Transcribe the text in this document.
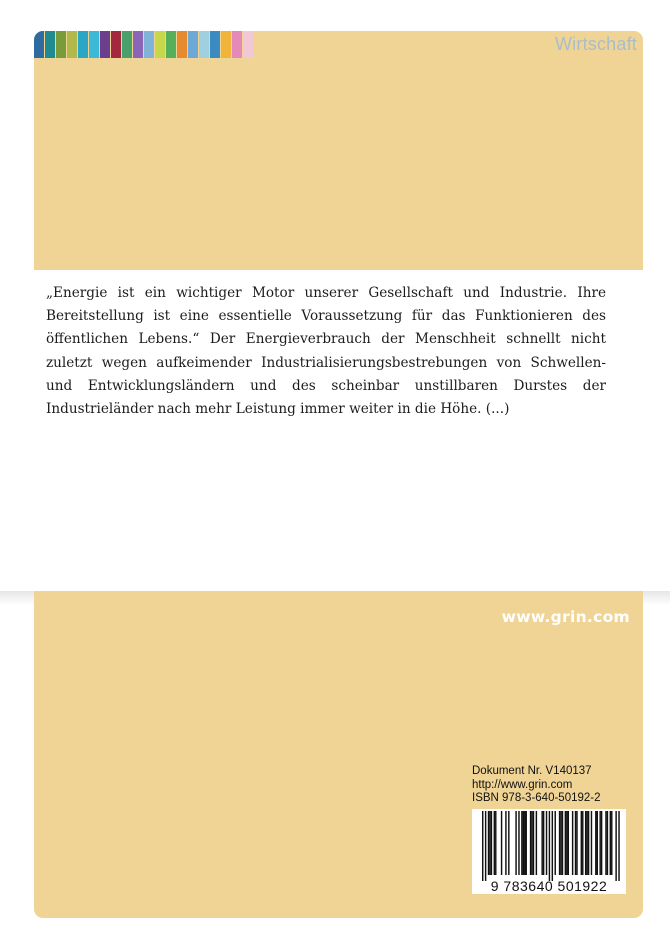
Wirtschaft

„Energie ist ein wichtiger Motor unserer Gesellschaft und Industrie. Ihre
Bereitstellung ist eine essentielle Voraussetzung für das Funktionieren des
öffentlichen Lebens.“ Der Energieverbrauch der Menschheit schnellt nicht
zuletzt wegen aufkeimender Industrialisierungsbestrebungen von Schwellen-
und Entwicklungsländern und des scheinbar unstillbaren Durstes der
Industrieländer nach mehr Leistung immer weiter in die Höhe. (...)

www.grin.com
Dokument Nr. V140137
http://www.grin.com
ISBN 978-3-640-50192-2
9 783640 501922
